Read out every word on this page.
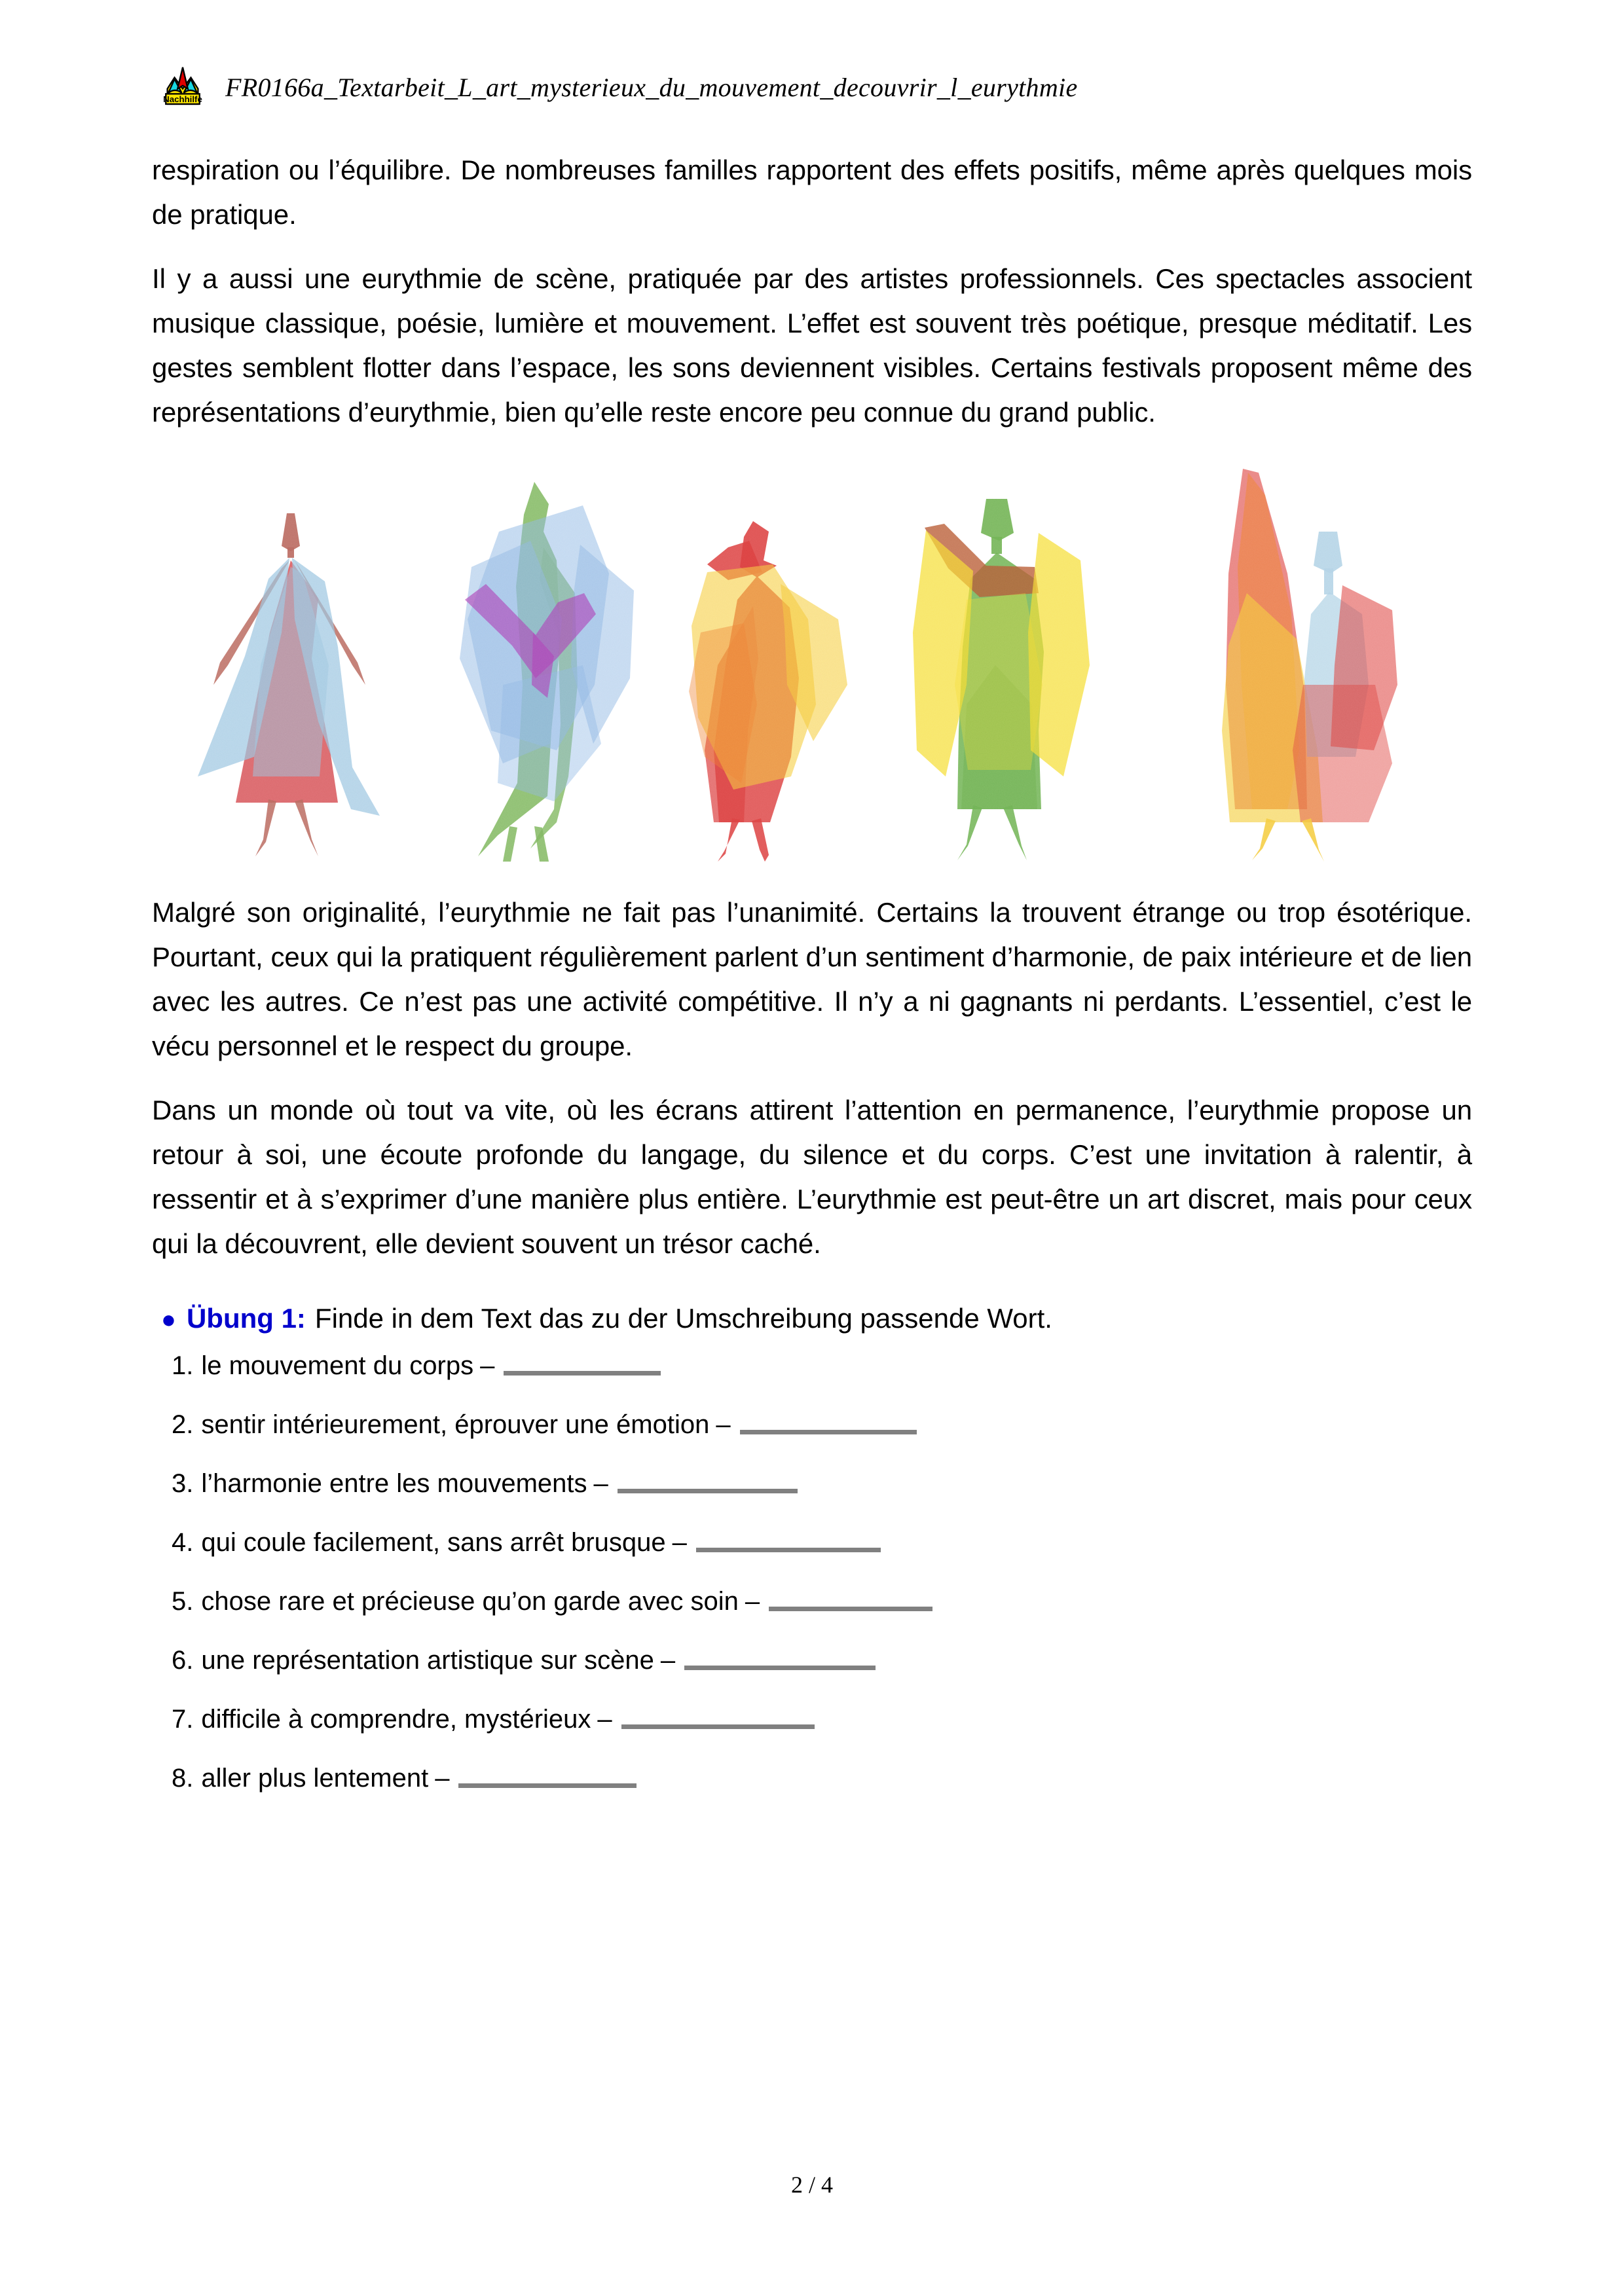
Nachhilfe FR0166a_Textarbeit_L_art_mysterieux_du_mouvement_decouvrir_l_eurythmie

respiration ou l’équilibre. De nombreuses familles rapportent des effets positifs, même après quelques mois de pratique.

Il y a aussi une eurythmie de scène, pratiquée par des artistes professionnels. Ces spectacles associent musique classique, poésie, lumière et mouvement. L’effet est souvent très poétique, presque méditatif. Les gestes semblent flotter dans l’espace, les sons deviennent visibles. Certains festivals proposent même des représentations d’eurythmie, bien qu’elle reste encore peu connue du grand public.

Malgré son originalité, l’eurythmie ne fait pas l’unanimité. Certains la trouvent étrange ou trop ésotérique. Pourtant, ceux qui la pratiquent régulièrement parlent d’un sentiment d’harmonie, de paix intérieure et de lien avec les autres. Ce n’est pas une activité compétitive. Il n’y a ni gagnants ni perdants. L’essentiel, c’est le vécu personnel et le respect du groupe.

Dans un monde où tout va vite, où les écrans attirent l’attention en permanence, l’eurythmie propose un retour à soi, une écoute profonde du langage, du silence et du corps. C’est une invitation à ralentir, à ressentir et à s’exprimer d’une manière plus entière. L’eurythmie est peut-être un art discret, mais pour ceux qui la découvrent, elle devient souvent un trésor caché.

● Übung 1: Finde in dem Text das zu der Umschreibung passende Wort.
1. le mouvement du corps –
2. sentir intérieurement, éprouver une émotion –
3. l’harmonie entre les mouvements –
4. qui coule facilement, sans arrêt brusque –
5. chose rare et précieuse qu’on garde avec soin –
6. une représentation artistique sur scène –
7. difficile à comprendre, mystérieux –
8. aller plus lentement –
2 / 4
